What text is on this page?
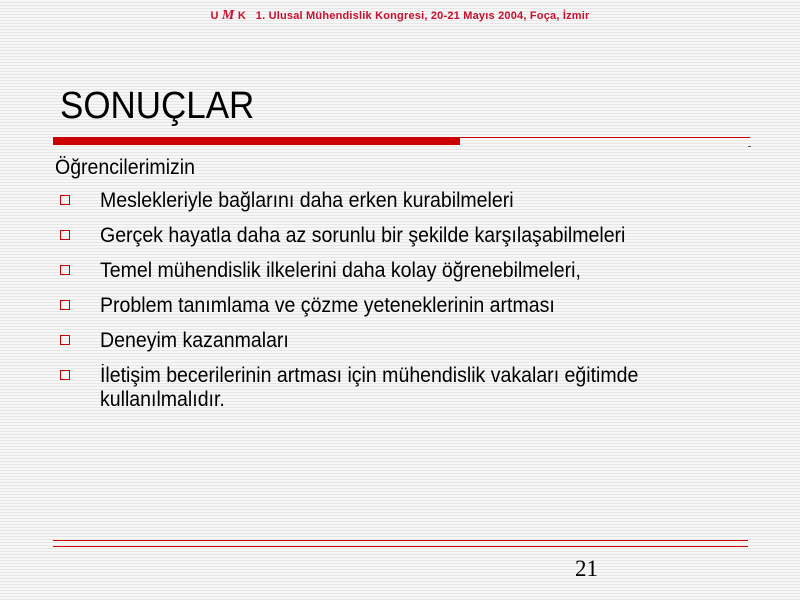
U M K 1. Ulusal Mühendislik Kongresi, 20-21 Mayıs 2004, Foça, İzmir
SONUÇLAR
Öğrencilerimizin
Meslekleriyle bağlarını daha erken kurabilmeleri
Gerçek hayatla daha az sorunlu bir şekilde karşılaşabilmeleri
Temel mühendislik ilkelerini daha kolay öğrenebilmeleri,
Problem tanımlama ve çözme yeteneklerinin artması
Deneyim kazanmaları
İletişim becerilerinin artması için mühendislik vakaları eğitimde kullanılmalıdır.
21
